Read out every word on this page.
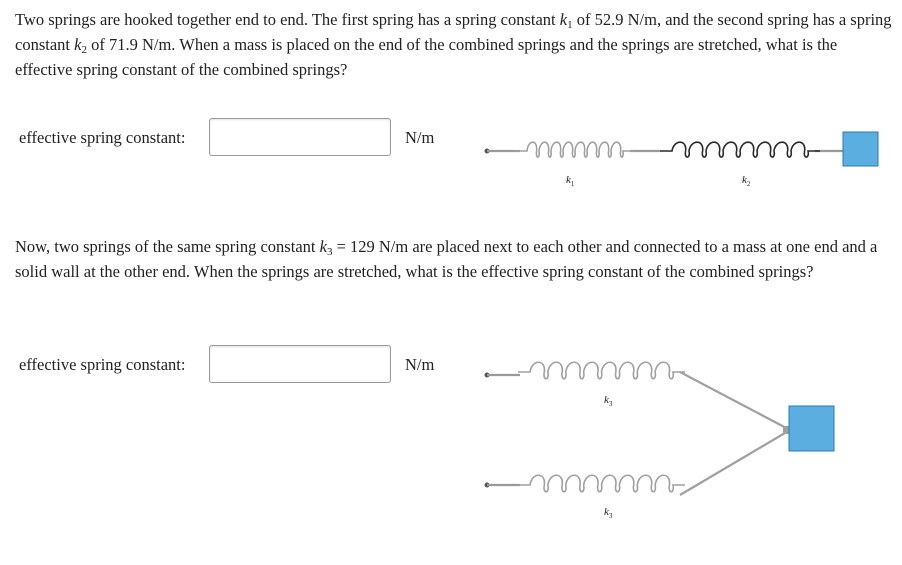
Two springs are hooked together end to end. The first spring has a spring constant $k_1$ of 52.9 N/m, and the second spring has a spring constant $k_2$ of 71.9 N/m. When a mass is placed on the end of the combined springs and the springs are stretched, what is the effective spring constant of the combined springs?

effective spring constant:	N/m
$k_1$	$k_2$

Now, two springs of the same spring constant $k_3 = 129$ N/m are placed next to each other and connected to a mass at one end and a solid wall at the other end. When the springs are stretched, what is the effective spring constant of the combined springs?

effective spring constant:	N/m
$k_3$
$k_3$
